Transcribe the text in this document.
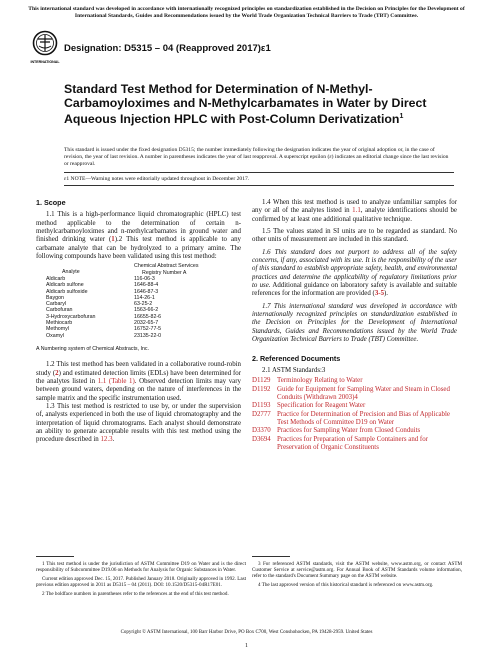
This international standard was developed in accordance with internationally recognized principles on standardization established in the Decision on Principles for the Development of International Standards, Guides and Recommendations issued by the World Trade Organization Technical Barriers to Trade (TBT) Committee.
INTERNATIONAL
Designation: D5315 – 04 (Reapproved 2017)ε1
Standard Test Method for Determination of N-Methyl-Carbamoyloximes and N-Methylcarbamates in Water by Direct Aqueous Injection HPLC with Post-Column Derivatization$^1$
This standard is issued under the fixed designation D5315; the number immediately following the designation indicates the year of original adoption or, in the case of revision, the year of last revision. A number in parentheses indicates the year of last reapproval. A superscript epsilon (ε) indicates an editorial change since the last revision or reapproval.
ε1 NOTE—Warning notes were editorially updated throughout in December 2017.
1. Scope

1.1 This is a high-performance liquid chromatographic (HPLC) test method applicable to the determination of certain n-methylcarbamoyloximes and n-methylcarbamates in ground water and finished drinking water (1).2 This test method is applicable to any carbamate analyte that can be hydrolyzed to a primary amine. The following compounds have been validated using this test method:

Analyte
Chemical Abstract Services
Registry Number A
Aldicarb	116-06-3
Aldicarb sulfone	1646-88-4
Aldicarb sulfoxide	1646-87-3
Baygon	114-26-1
Carbaryl	63-25-2
Carbofuran	1563-66-2
3-Hydroxycarbofuran	16655-82-6
Methiocarb	2032-65-7
Methomyl	16752-77-5
Oxamyl	23135-22-0
A Numbering system of Chemical Abstracts, Inc.

1.2 This test method has been validated in a collaborative round-robin study (2) and estimated detection limits (EDLs) have been determined for the analytes listed in 1.1 (Table 1). Observed detection limits may vary between ground waters, depending on the nature of interferences in the sample matrix and the specific instrumentation used.

1.3 This test method is restricted to use by, or under the supervision of, analysts experienced in both the use of liquid chromatography and the interpretation of liquid chromatograms. Each analyst should demonstrate an ability to generate acceptable results with this test method using the procedure described in 12.3.

1.4 When this test method is used to analyze unfamiliar samples for any or all of the analytes listed in 1.1, analyte identifications should be confirmed by at least one additional qualitative technique.

1.5 The values stated in SI units are to be regarded as standard. No other units of measurement are included in this standard.

1.6 This standard does not purport to address all of the safety concerns, if any, associated with its use. It is the responsibility of the user of this standard to establish appropriate safety, health, and environmental practices and determine the applicability of regulatory limitations prior to use. Additional guidance on laboratory safety is available and suitable references for the information are provided (3-5).

1.7 This international standard was developed in accordance with internationally recognized principles on standardization established in the Decision on Principles for the Development of International Standards, Guides and Recommendations issued by the World Trade Organization Technical Barriers to Trade (TBT) Committee.

2. Referenced Documents
2.1 ASTM Standards:3
D1129 Terminology Relating to Water
D1192 Guide for Equipment for Sampling Water and Steam in Closed Conduits (Withdrawn 2003)4
D1193 Specification for Reagent Water
D2777 Practice for Determination of Precision and Bias of Applicable Test Methods of Committee D19 on Water
D3370 Practices for Sampling Water from Closed Conduits
D3694 Practices for Preparation of Sample Containers and for Preservation of Organic Constituents

1 This test method is under the jurisdiction of ASTM Committee D19 on Water and is the direct responsibility of Subcommittee D19.06 on Methods for Analysis for Organic Substances in Water.

Current edition approved Dec. 15, 2017. Published January 2018. Originally approved in 1992. Last previous edition approved in 2011 as D5315 – 04 (2011). DOI: 10.1520/D5315-04R17E01.

2 The boldface numbers in parentheses refer to the references at the end of this test method.

3 For referenced ASTM standards, visit the ASTM website, www.astm.org, or contact ASTM Customer Service at service@astm.org. For Annual Book of ASTM Standards volume information, refer to the standard's Document Summary page on the ASTM website.

4 The last approved version of this historical standard is referenced on www.astm.org.

Copyright © ASTM International, 100 Barr Harbor Drive, PO Box C700, West Conshohocken, PA 19428-2959. United States
1
